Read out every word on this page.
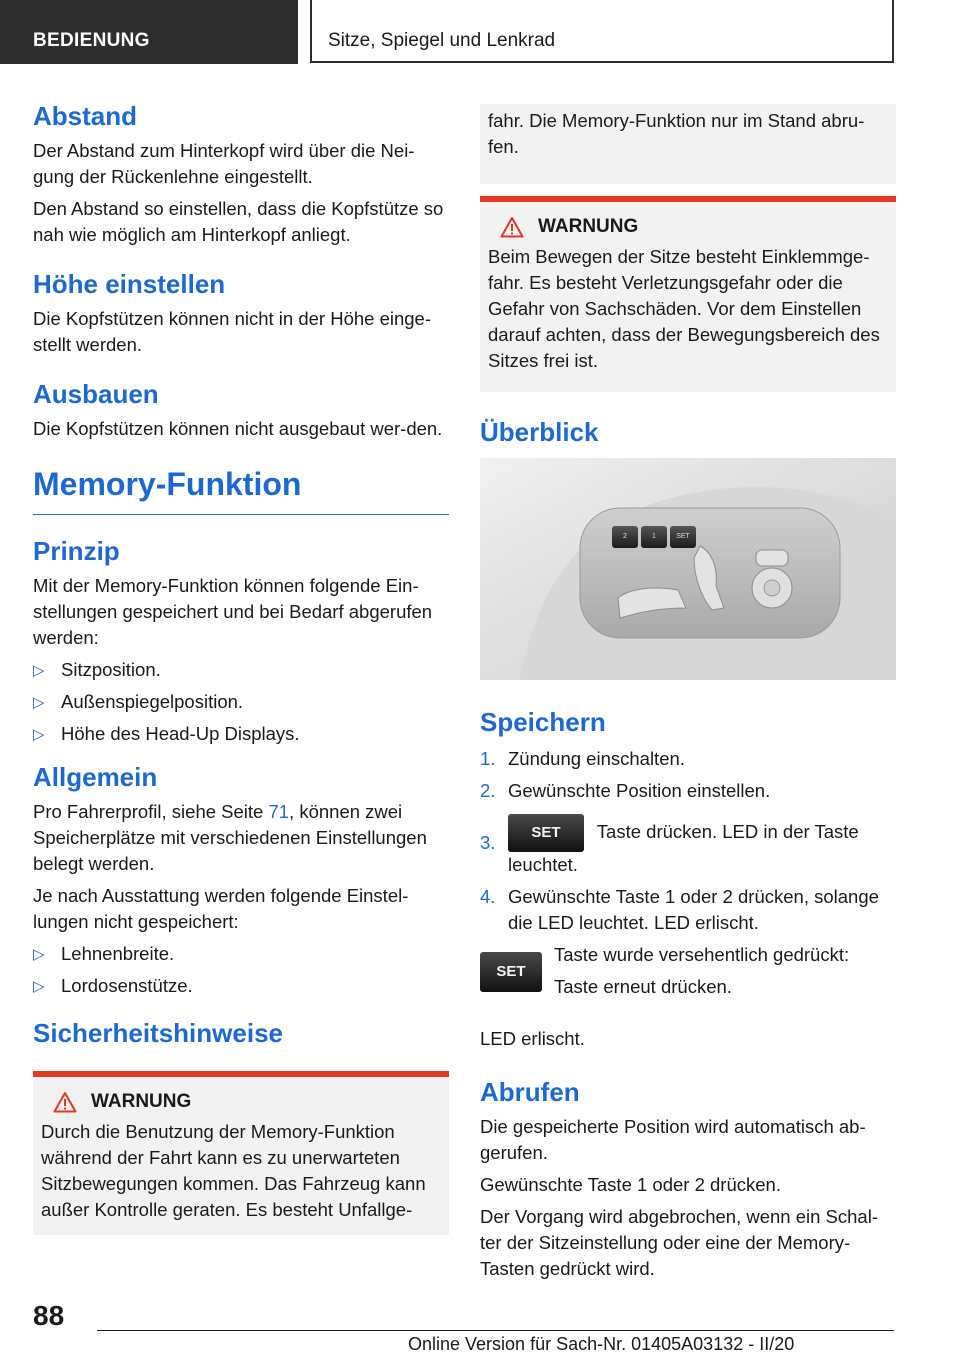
BEDIENUNG	Sitze, Spiegel und Lenkrad
Abstand

Der Abstand zum Hinterkopf wird über die Nei-gung der Rückenlehne eingestellt.

Den Abstand so einstellen, dass die Kopfstütze so nah wie möglich am Hinterkopf anliegt.

Höhe einstellen

Die Kopfstützen können nicht in der Höhe einge-stellt werden.

Ausbauen

Die Kopfstützen können nicht ausgebaut wer-den.

Memory-Funktion
Prinzip

Mit der Memory-Funktion können folgende Ein-stellungen gespeichert und bei Bedarf abgerufen werden:

▷ Sitzposition.
▷ Außenspiegelposition.
▷ Höhe des Head-Up Displays.
Allgemein

Pro Fahrerprofil, siehe Seite 71, können zwei Speicherplätze mit verschiedenen Einstellungen belegt werden.

Je nach Ausstattung werden folgende Einstel-lungen nicht gespeichert:

▷ Lehnenbreite.
▷ Lordosenstütze.
Sicherheitshinweise
WARNUNG

Durch die Benutzung der Memory-Funktion während der Fahrt kann es zu unerwarteten Sitzbewegungen kommen. Das Fahrzeug kann außer Kontrolle geraten. Es besteht Unfallge-

fahr. Die Memory-Funktion nur im Stand abru-fen.

WARNUNG

Beim Bewegen der Sitze besteht Einklemmge-fahr. Es besteht Verletzungsgefahr oder die Gefahr von Sachschäden. Vor dem Einstellen darauf achten, dass der Bewegungsbereich des Sitzes frei ist.

Überblick
2	1	SET
Speichern
1. Zündung einschalten.
2. Gewünschte Position einstellen.
3. SET Taste drücken. LED in der Taste leuchtet.
4. Gewünschte Taste 1 oder 2 drücken, solange die LED leuchtet. LED erlischt.
SET

Taste wurde versehentlich gedrückt:

Taste erneut drücken.

LED erlischt.

Abrufen

Die gespeicherte Position wird automatisch ab-gerufen.

Gewünschte Taste 1 oder 2 drücken.

Der Vorgang wird abgebrochen, wenn ein Schal-ter der Sitzeinstellung oder eine der Memory-Tasten gedrückt wird.

88
Online Version für Sach-Nr. 01405A03132 - II/20
